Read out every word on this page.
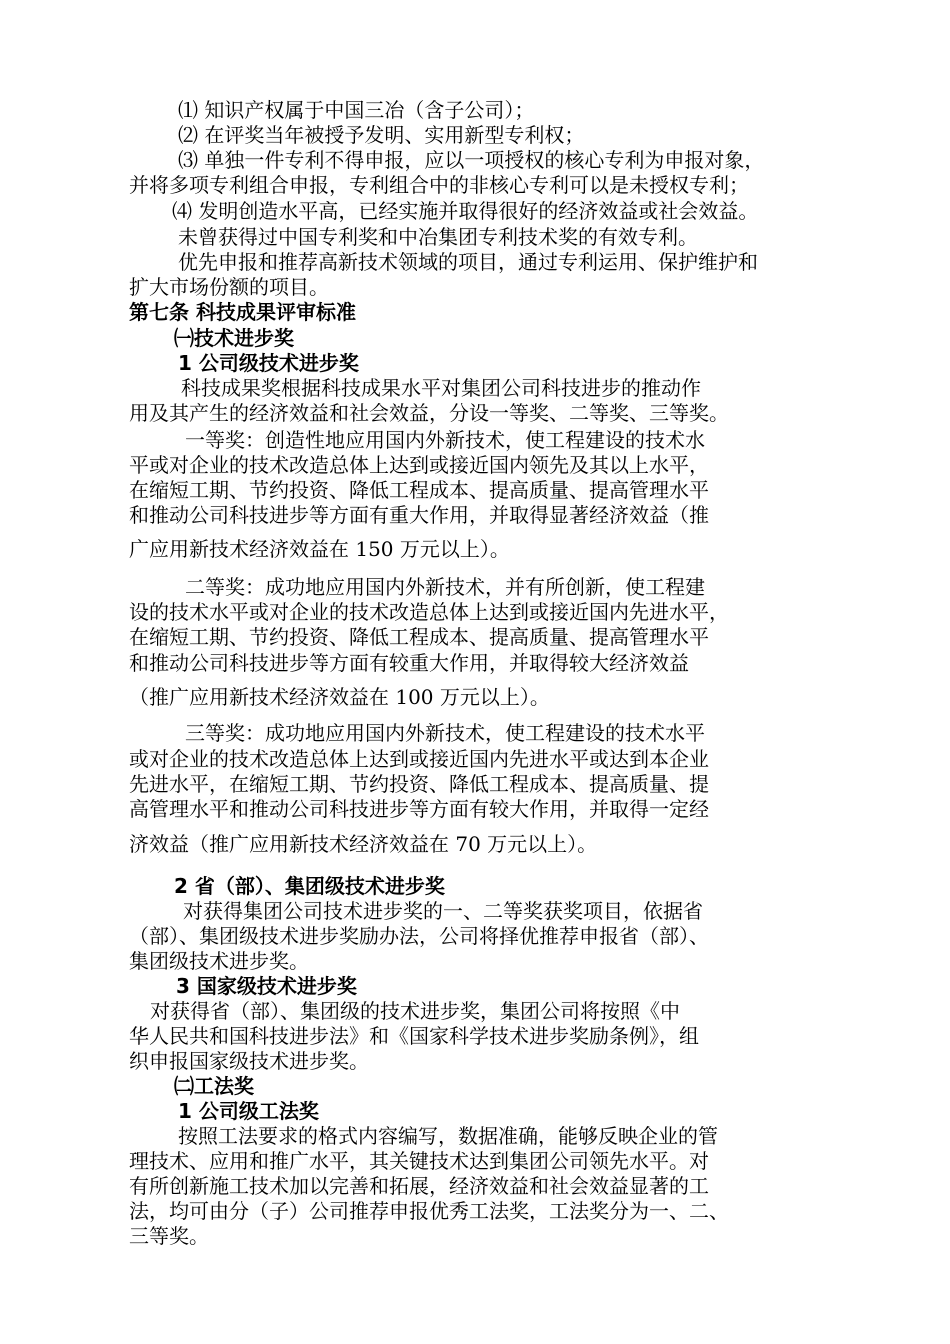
⑴ 知识产权属于中国三冶（含子公司）；
⑵ 在评奖当年被授予发明、实用新型专利权；
⑶ 单独一件专利不得申报，应以一项授权的核心专利为申报对象，
并将多项专利组合申报，专利组合中的非核心专利可以是未授权专利；
⑷ 发明创造水平高，已经实施并取得很好的经济效益或社会效益。
未曾获得过中国专利奖和中冶集团专利技术奖的有效专利。
优先申报和推荐高新技术领域的项目，通过专利运用、保护维护和
扩大市场份额的项目。
第七条 科技成果评审标准
㈠技术进步奖
1 公司级技术进步奖
科技成果奖根据科技成果水平对集团公司科技进步的推动作
用及其产生的经济效益和社会效益，分设一等奖、二等奖、三等奖。
一等奖：创造性地应用国内外新技术，使工程建设的技术水
平或对企业的技术改造总体上达到或接近国内领先及其以上水平，
在缩短工期、节约投资、降低工程成本、提高质量、提高管理水平
和推动公司科技进步等方面有重大作用，并取得显著经济效益（推
广应用新技术经济效益在 150 万元以上）。
二等奖：成功地应用国内外新技术，并有所创新，使工程建
设的技术水平或对企业的技术改造总体上达到或接近国内先进水平，
在缩短工期、节约投资、降低工程成本、提高质量、提高管理水平
和推动公司科技进步等方面有较重大作用，并取得较大经济效益
（推广应用新技术经济效益在 100 万元以上）。
三等奖：成功地应用国内外新技术，使工程建设的技术水平
或对企业的技术改造总体上达到或接近国内先进水平或达到本企业
先进水平，在缩短工期、节约投资、降低工程成本、提高质量、提
高管理水平和推动公司科技进步等方面有较大作用，并取得一定经
济效益（推广应用新技术经济效益在 70 万元以上）。
2 省（部）、集团级技术进步奖
对获得集团公司技术进步奖的一、二等奖获奖项目，依据省
（部）、集团级技术进步奖励办法，公司将择优推荐申报省（部）、
集团级技术进步奖。
3 国家级技术进步奖
对获得省（部）、集团级的技术进步奖，集团公司将按照《中
华人民共和国科技进步法》和《国家科学技术进步奖励条例》，组
织申报国家级技术进步奖。
㈡工法奖
1 公司级工法奖
按照工法要求的格式内容编写，数据准确，能够反映企业的管
理技术、应用和推广水平，其关键技术达到集团公司领先水平。对
有所创新施工技术加以完善和拓展，经济效益和社会效益显著的工
法，均可由分（子）公司推荐申报优秀工法奖，工法奖分为一、二、
三等奖。
